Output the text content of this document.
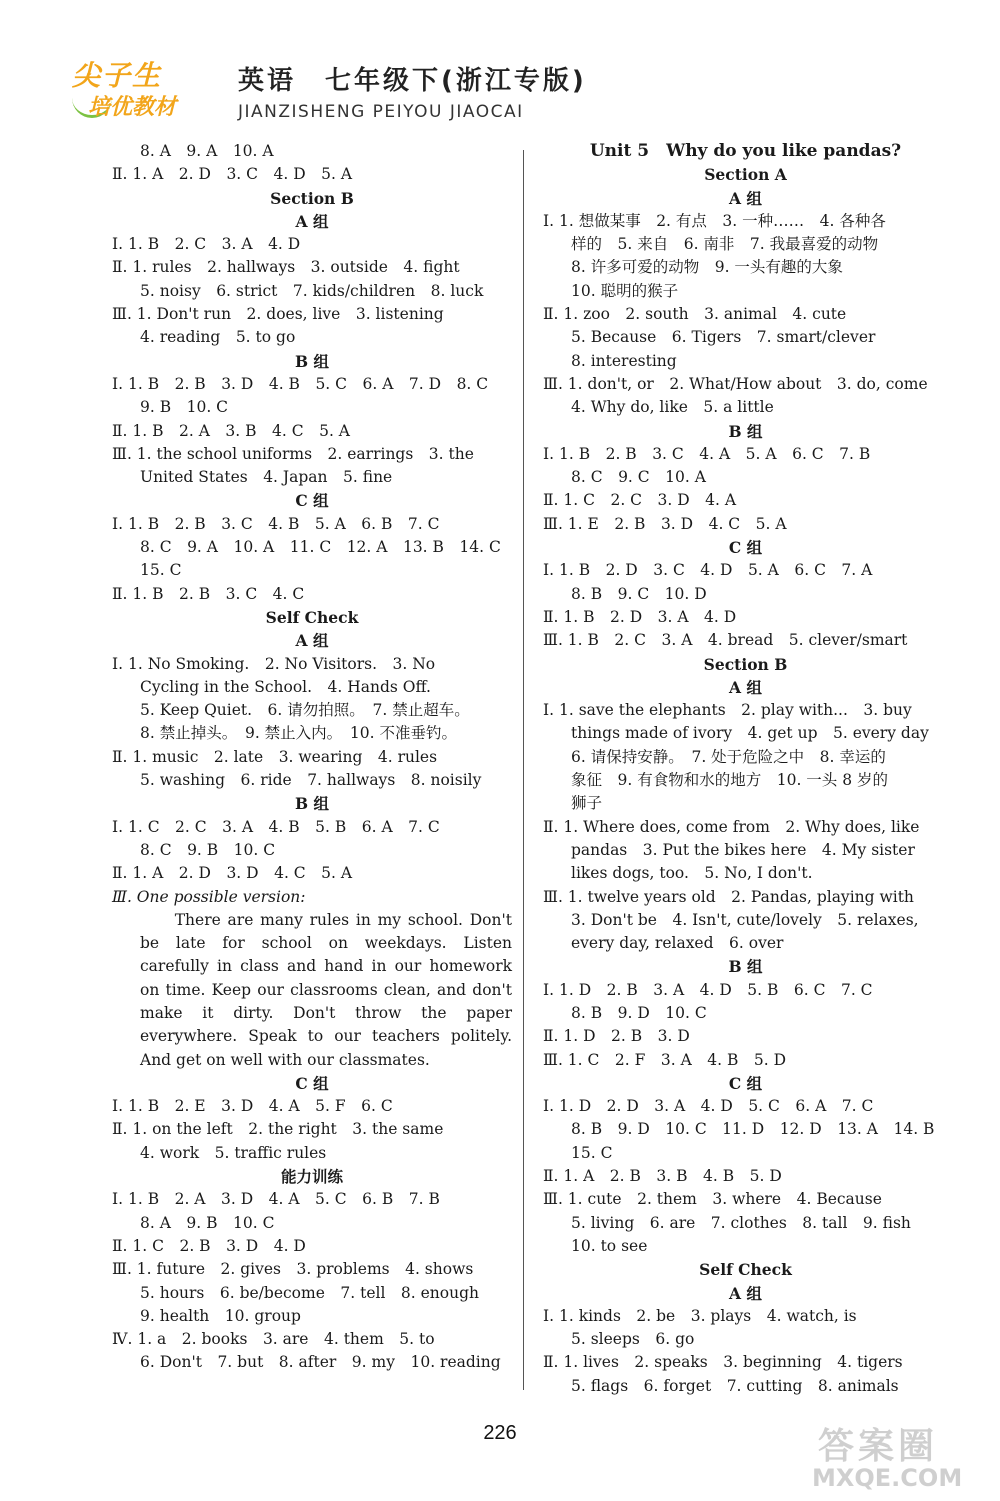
尖子生
培优教材
英语　七年级下(浙江专版)
JIANZISHENG PEIYOU JIAOCAI
8. A　9. A　10. A
Ⅱ. 1. A　2. D　3. C　4. D　5. A
Section B
A 组
Ⅰ. 1. B　2. C　3. A　4. D
Ⅱ. 1. rules　2. hallways　3. outside　4. fight
5. noisy　6. strict　7. kids/children　8. luck
Ⅲ. 1. Don't run　2. does, live　3. listening
4. reading　5. to go
B 组
Ⅰ. 1. B　2. B　3. D　4. B　5. C　6. A　7. D　8. C
9. B　10. C
Ⅱ. 1. B　2. A　3. B　4. C　5. A
Ⅲ. 1. the school uniforms　2. earrings　3. the
United States　4. Japan　5. fine
C 组
Ⅰ. 1. B　2. B　3. C　4. B　5. A　6. B　7. C
8. C　9. A　10. A　11. C　12. A　13. B　14. C
15. C
Ⅱ. 1. B　2. B　3. C　4. C
Self Check
A 组
Ⅰ. 1. No Smoking.　2. No Visitors.　3. No
Cycling in the School.　4. Hands Off.
5. Keep Quiet.　6. 请勿拍照。　7. 禁止超车。
8. 禁止掉头。　9. 禁止入内。　10. 不准垂钓。
Ⅱ. 1. music　2. late　3. wearing　4. rules
5. washing　6. ride　7. hallways　8. noisily
B 组
Ⅰ. 1. C　2. C　3. A　4. B　5. B　6. A　7. C
8. C　9. B　10. C
Ⅱ. 1. A　2. D　3. D　4. C　5. A
Ⅲ. One possible version:
　　There are many rules in my school. Don't be late for school on weekdays. Listen carefully in class and hand in our homework on time. Keep our classrooms clean, and don't make it dirty. Don't throw the paper everywhere. Speak to our teachers politely. And get on well with our classmates.
C 组
Ⅰ. 1. B　2. E　3. D　4. A　5. F　6. C
Ⅱ. 1. on the left　2. the right　3. the same
4. work　5. traffic rules
能力训练
Ⅰ. 1. B　2. A　3. D　4. A　5. C　6. B　7. B
8. A　9. B　10. C
Ⅱ. 1. C　2. B　3. D　4. D
Ⅲ. 1. future　2. gives　3. problems　4. shows
5. hours　6. be/become　7. tell　8. enough
9. health　10. group
Ⅳ. 1. a　2. books　3. are　4. them　5. to
6. Don't　7. but　8. after　9. my　10. reading
Unit 5　Why do you like pandas?
Section A
A 组
Ⅰ. 1. 想做某事　2. 有点　3. 一种……　4. 各种各
样的　5. 来自　6. 南非　7. 我最喜爱的动物
8. 许多可爱的动物　9. 一头有趣的大象
10. 聪明的猴子
Ⅱ. 1. zoo　2. south　3. animal　4. cute
5. Because　6. Tigers　7. smart/clever
8. interesting
Ⅲ. 1. don't, or　2. What/How about　3. do, come
4. Why do, like　5. a little
B 组
Ⅰ. 1. B　2. B　3. C　4. A　5. A　6. C　7. B
8. C　9. C　10. A
Ⅱ. 1. C　2. C　3. D　4. A
Ⅲ. 1. E　2. B　3. D　4. C　5. A
C 组
Ⅰ. 1. B　2. D　3. C　4. D　5. A　6. C　7. A
8. B　9. C　10. D
Ⅱ. 1. B　2. D　3. A　4. D
Ⅲ. 1. B　2. C　3. A　4. bread　5. clever/smart
Section B
A 组
Ⅰ. 1. save the elephants　2. play with...　3. buy
things made of ivory　4. get up　5. every day
6. 请保持安静。　7. 处于危险之中　8. 幸运的
象征　9. 有食物和水的地方　10. 一头 8 岁的
狮子
Ⅱ. 1. Where does, come from　2. Why does, like
pandas　3. Put the bikes here　4. My sister
likes dogs, too.　5. No, I don't.
Ⅲ. 1. twelve years old　2. Pandas, playing with
3. Don't be　4. Isn't, cute/lovely　5. relaxes,
every day, relaxed　6. over
B 组
Ⅰ. 1. D　2. B　3. A　4. D　5. B　6. C　7. C
8. B　9. D　10. C
Ⅱ. 1. D　2. B　3. D
Ⅲ. 1. C　2. F　3. A　4. B　5. D
C 组
Ⅰ. 1. D　2. D　3. A　4. D　5. C　6. A　7. C
8. B　9. D　10. C　11. D　12. D　13. A　14. B
15. C
Ⅱ. 1. A　2. B　3. B　4. B　5. D
Ⅲ. 1. cute　2. them　3. where　4. Because
5. living　6. are　7. clothes　8. tall　9. fish
10. to see
Self Check
A 组
Ⅰ. 1. kinds　2. be　3. plays　4. watch, is
5. sleeps　6. go
Ⅱ. 1. lives　2. speaks　3. beginning　4. tigers
5. flags　6. forget　7. cutting　8. animals
226	答案圈
MXQE.COM
